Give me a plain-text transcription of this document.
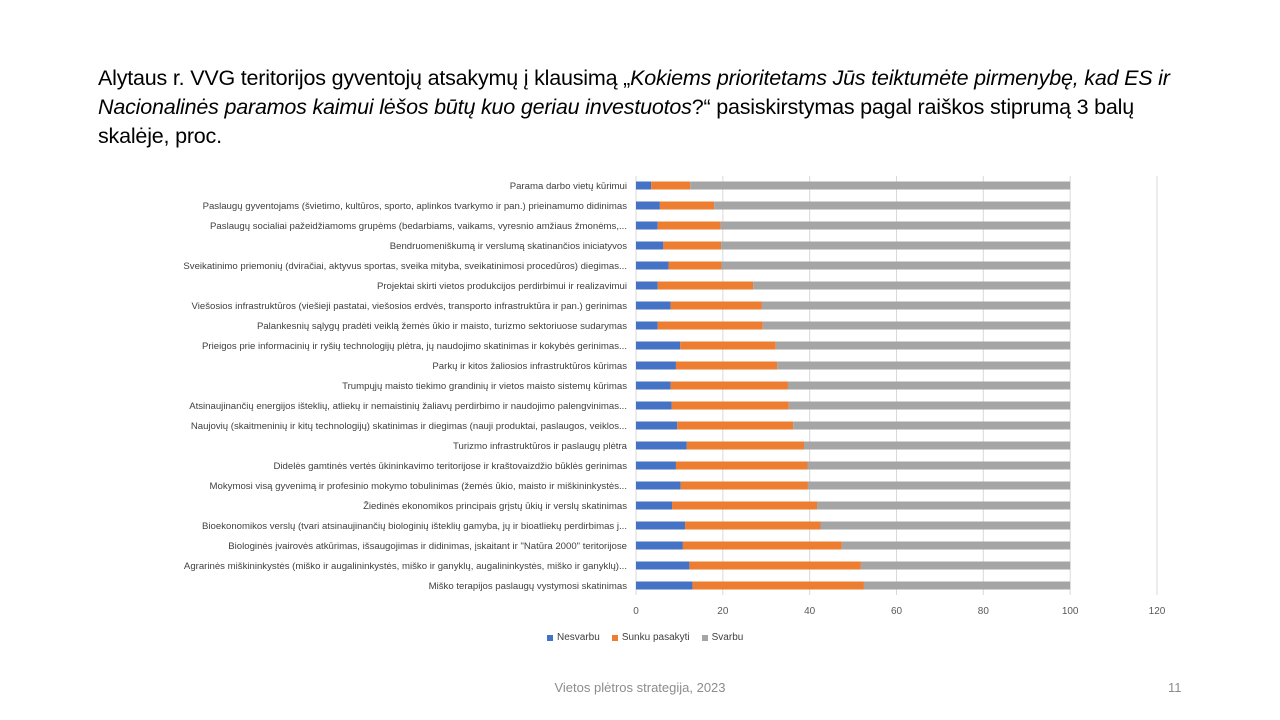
Alytaus r. VVG teritorijos gyventojų atsakymų į klausimą „Kokiems prioritetams Jūs teiktumėte pirmenybę, kad ES ir Nacionalinės paramos kaimui lėšos būtų kuo geriau investuotos?“ pasiskirstymas pagal raiškos stiprumą 3 balų skalėje, proc.
Parama darbo vietų kūrimui
Paslaugų gyventojams (švietimo, kultūros, sporto, aplinkos tvarkymo ir pan.) prieinamumo didinimas
Paslaugų socialiai pažeidžiamoms grupėms (bedarbiams, vaikams, vyresnio amžiaus žmonėms,...
Bendruomeniškumą ir verslumą skatinančios iniciatyvos
Sveikatinimo priemonių (dviračiai, aktyvus sportas, sveika mityba, sveikatinimosi procedūros) diegimas...
Projektai skirti vietos produkcijos perdirbimui ir realizavimui
Viešosios infrastruktūros (viešieji pastatai, viešosios erdvės, transporto infrastruktūra ir pan.) gerinimas
Palankesnių sąlygų pradėti veiklą žemės ūkio ir maisto, turizmo sektoriuose sudarymas
Prieigos prie informacinių ir ryšių technologijų plėtra, jų naudojimo skatinimas ir kokybės gerinimas...
Parkų ir kitos žaliosios infrastruktūros kūrimas
Trumpųjų maisto tiekimo grandinių ir vietos maisto sistemų kūrimas
Atsinaujinančių energijos išteklių, atliekų ir nemaistinių žaliavų perdirbimo ir naudojimo palengvinimas...
Naujovių (skaitmeninių ir kitų technologijų) skatinimas ir diegimas (nauji produktai, paslaugos, veiklos...
Turizmo infrastruktūros ir paslaugų plėtra
Didelės gamtinės vertės ūkininkavimo teritorijose ir kraštovaizdžio būklės gerinimas
Mokymosi visą gyvenimą ir profesinio mokymo tobulinimas (žemės ūkio, maisto ir miškininkystės...
Žiedinės ekonomikos principais grįstų ūkių ir verslų skatinimas
Bioekonomikos verslų (tvari atsinaujinančių biologinių išteklių gamyba, jų ir bioatliekų perdirbimas j...
Biologinės įvairovės atkūrimas, išsaugojimas ir didinimas, įskaitant ir "Natūra 2000" teritorijose
Agrarinės miškininkystės (miško ir augalininkystės, miško ir ganyklų, augalininkystės, miško ir ganyklų)...
Miško terapijos paslaugų vystymosi skatinimas
0	20	40	60	80	100	120
Nesvarbu Sunku pasakyti Svarbu
Vietos plėtros strategija, 2023	11
